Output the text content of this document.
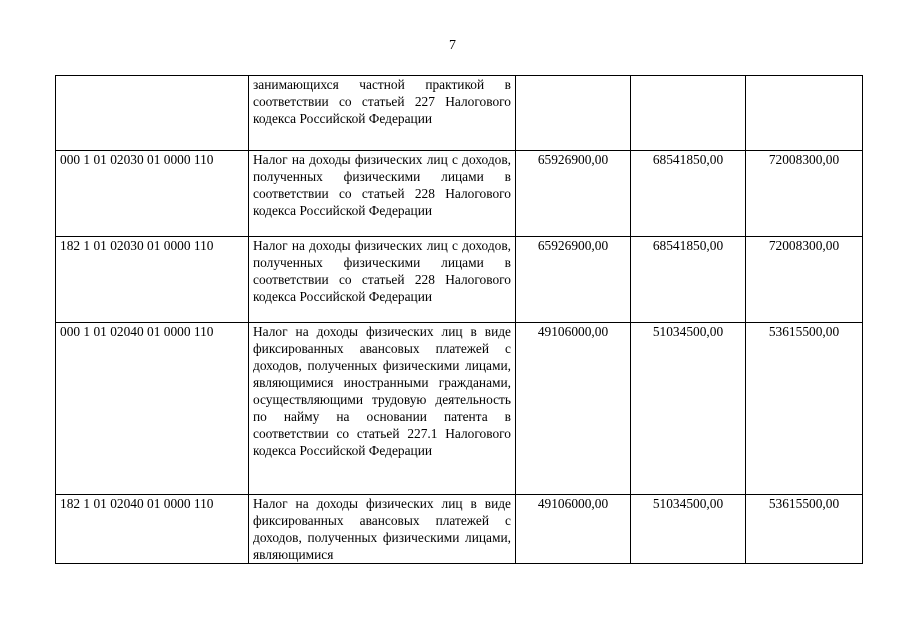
7
	занимающихся частной практикой в соответствии со статьей 227 Налогового кодекса Российской Федерации			
000 1 01 02030 01 0000 110	Налог на доходы физических лиц с доходов, полученных физическими лицами в соответствии со статьей 228 Налогового кодекса Российской Федерации	65926900,00	68541850,00	72008300,00
182 1 01 02030 01 0000 110	Налог на доходы физических лиц с доходов, полученных физическими лицами в соответствии со статьей 228 Налогового кодекса Российской Федерации	65926900,00	68541850,00	72008300,00
000 1 01 02040 01 0000 110	Налог на доходы физических лиц в виде фиксированных авансовых платежей с доходов, полученных физическими лицами, являющимися иностранными гражданами, осуществляющими трудовую деятельность по найму на основании патента в соответствии со статьей 227.1 Налогового кодекса Российской Федерации	49106000,00	51034500,00	53615500,00
182 1 01 02040 01 0000 110	Налог на доходы физических лиц в виде фиксированных авансовых платежей с доходов, полученных физическими лицами, являющимися	49106000,00	51034500,00	53615500,00
